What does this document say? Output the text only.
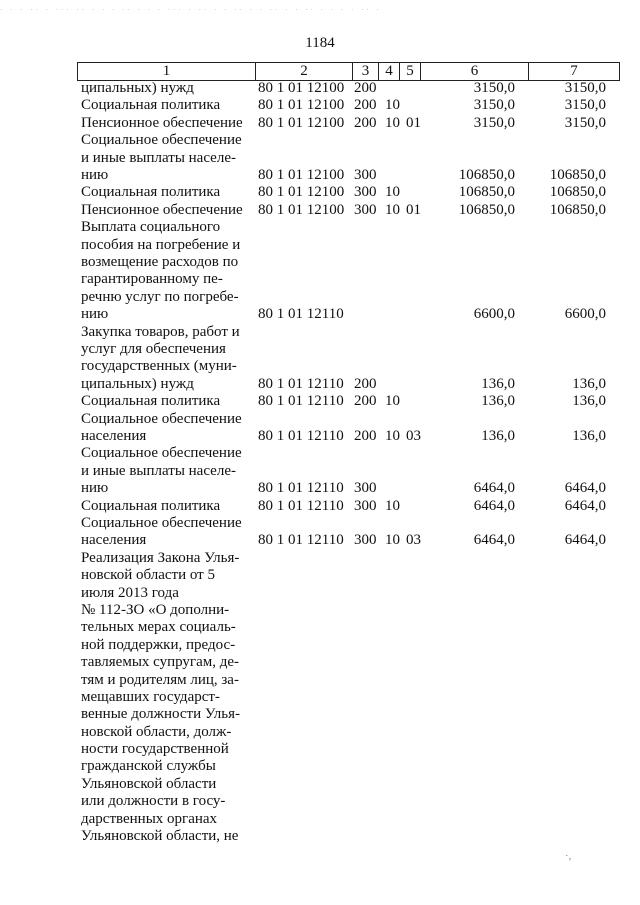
· · · ·· · ··· ·· · · · ·· · · · ··· · ·· · · ·· · · ·· · · ·· · · · · ·· ·
1184
1	2	3	4	5	6	7
ципальных) нужд	80 1 01 12100 200	3150,0	3150,0
Социальная политика	80 1 01 12100 200 10	3150,0	3150,0
Пенсионное обеспечение	80 1 01 12100 200 10 01	3150,0	3150,0
Социальное обеспечение
и иные выплаты населе-
нию	80 1 01 12100 300	106850,0 106850,0
Социальная политика	80 1 01 12100 300 10	106850,0 106850,0
Пенсионное обеспечение	80 1 01 12100 300 10 01	106850,0 106850,0
Выплата социального
пособия на погребение и
возмещение расходов по
гарантированному пе-
речню услуг по погребе-
нию	80 1 01 12110	6600,0	6600,0
Закупка товаров, работ и
услуг для обеспечения
государственных (муни-
ципальных) нужд	80 1 01 12110 200	136,0	136,0
Социальная политика	80 1 01 12110 200 10	136,0	136,0
Социальное обеспечение
населения	80 1 01 12110 200 10 03	136,0	136,0
Социальное обеспечение
и иные выплаты населе-
нию	80 1 01 12110 300	6464,0	6464,0
Социальная политика	80 1 01 12110 300 10	6464,0	6464,0
Социальное обеспечение
населения	80 1 01 12110 300 10 03	6464,0	6464,0
Реализация Закона Улья-
новской области от 5
июля 2013 года
№ 112-ЗО «О дополни-
тельных мерах социаль-
ной поддержки, предос-
тавляемых супругам, де-
тям и родителям лиц, за-
мещавших государст-
венные должности Улья-
новской области, долж-
ности государственной
гражданской службы
Ульяновской области
или должности в госу-
дарственных органах
Ульяновской области, не
·,
